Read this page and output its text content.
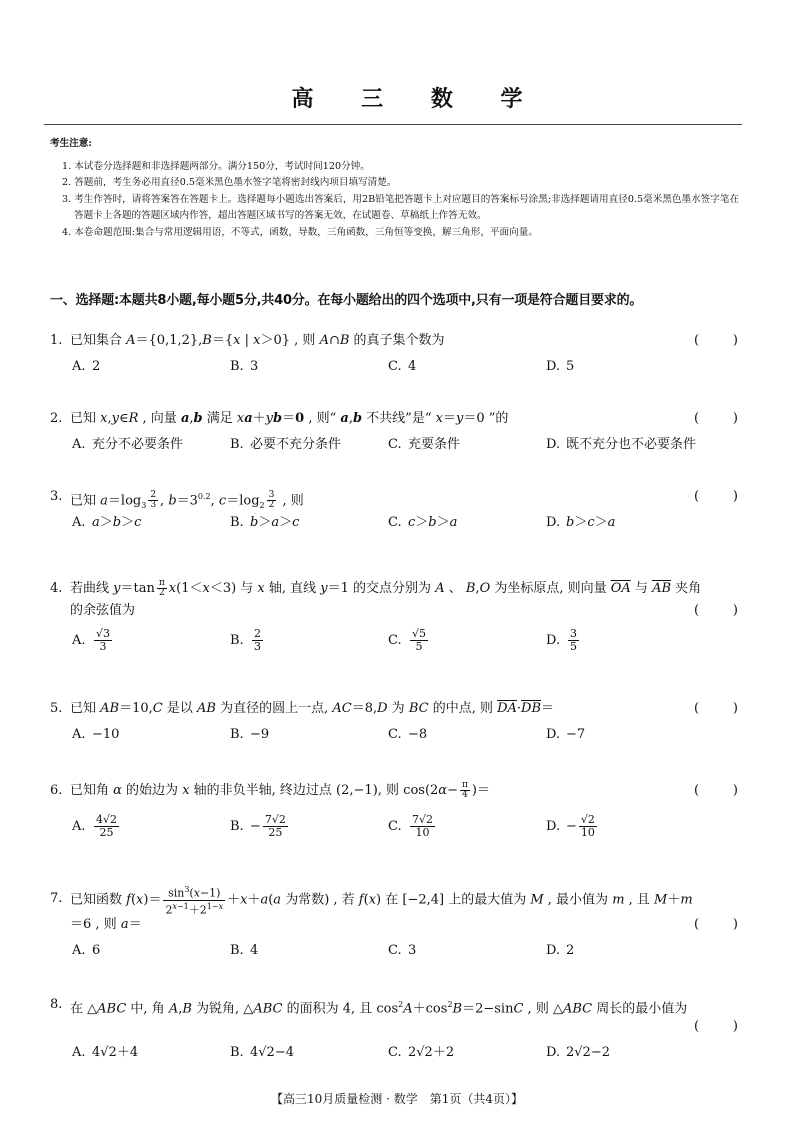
高 三 数 学
考生注意:
1. 本试卷分选择题和非选择题两部分。满分150分，考试时间120分钟。
2. 答题前，考生务必用直径0.5毫米黑色墨水签字笔将密封线内项目填写清楚。
3. 考生作答时，请将答案答在答题卡上。选择题每小题选出答案后，用2B铅笔把答题卡上对应题目的答案标号涂黑;非选择题请用直径0.5毫米黑色墨水签字笔在答题卡上各题的答题区域内作答，超出答题区域书写的答案无效，在试题卷、草稿纸上作答无效。
4. 本卷命题范围:集合与常用逻辑用语，不等式，函数，导数，三角函数，三角恒等变换，解三角形，平面向量。
一、选择题:本题共8小题,每小题5分,共40分。在每小题给出的四个选项中,只有一项是符合题目要求的。
1. 已知集合 A＝{0,1,2},B＝{x | x＞0} , 则 A∩B 的真子集个数为	(	)
A. 2	B. 3	C. 4	D. 5
2. 已知 x,y∈R , 向量 a,b 满足 xa＋yb＝0 , 则“ a,b 不共线”是“ x＝y＝0 ”的	(	)
A. 充分不必要条件	B. 必要不充分条件	C. 充要条件	D. 既不充分也不必要条件
3. 已知 $a=\log_3 \frac{2}{3}$ , $b=3^{0.2}$, $c=\log_2 \frac{3}{2}$ , 则	(	)
A. a＞b＞c	B. b＞a＞c	C. c＞b＞a	D. b＞c＞a
4. 若曲线 $y=\tan \frac{\pi}{2} x(1<x<3)$ 与 x 轴, 直线 y＝1 的交点分别为 A 、 B,O 为坐标原点, 则向量 $\overline{OA}$ 与 $\overline{AB}$ 夹角
的余弦值为	(	)
A. $\frac{√3}{3}$	B. $\frac{2}{3}$	C. $\frac{√5}{5}$	D. $\frac{3}{5}$
5. 已知 AB＝10,C 是以 AB 为直径的圆上一点, AC＝8,D 为 BC 的中点, 则 $\overline{DA}\cdot\overline{DB}=$	(	)
A. −10	B. −9	C. −8	D. −7
6. 已知角 α 的始边为 x 轴的非负半轴, 终边过点 (2,−1), 则 $\cos(2\alpha- \frac{\pi}{4}$ )＝	(	)
A. $\frac{4√2}{25}$	B. − $\frac{7√2}{25}$	C. $\frac{7√2}{10}$	D. − $\frac{√2}{10}$
7. 已知函数 $f(x)= \frac{\sin^3(x-1)}{2^{x-1}+2^{1-x}} +x+a(a$ 为常数) , 若 f(x) 在 [−2,4] 上的最大值为 M , 最小值为 m , 且 M＋m
＝6 , 则 a＝	(	)
A. 6	B. 4	C. 3	D. 2
8. 在 △ABC 中, 角 A,B 为锐角, △ABC 的面积为 4, 且 $\cos^2A+\cos^2B=2-\sin C$ , 则 △ABC 周长的最小值为
(	)
A. 4√2＋4	B. 4√2−4	C. 2√2＋2	D. 2√2−2
【高三10月质量检测 · 数学　第1页（共4页）】
